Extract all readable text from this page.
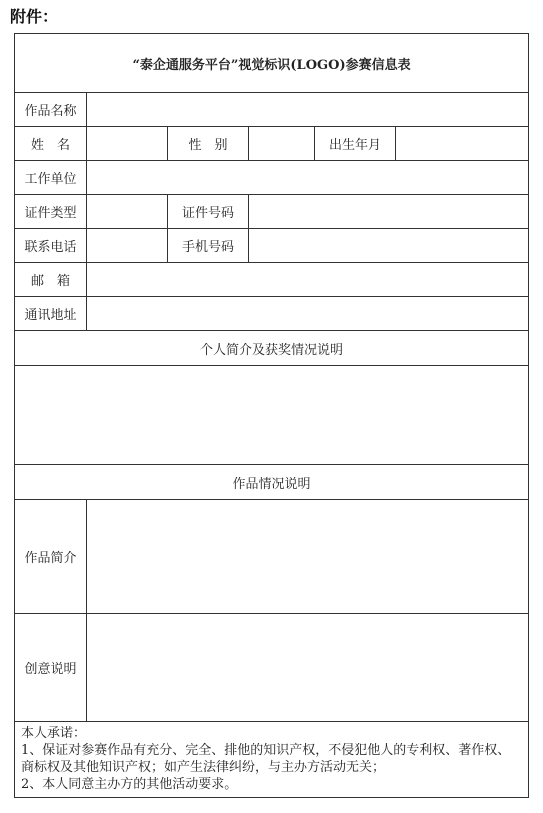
附件：
“泰企通服务平台”视觉标识(LOGO)参赛信息表					
作品名称					
姓　名		性　别		出生年月	
工作单位					
证件类型		证件号码			
联系电话		手机号码			
邮　箱					
通讯地址					
个人简介及获奖情况说明					

作品情况说明					
作品简介					
创意说明					

本人承诺：
1、保证对参赛作品有充分、完全、排他的知识产权，不侵犯他人的专利权、著作权、
商标权及其他知识产权；如产生法律纠纷，与主办方活动无关；
2、本人同意主办方的其他活动要求。					
